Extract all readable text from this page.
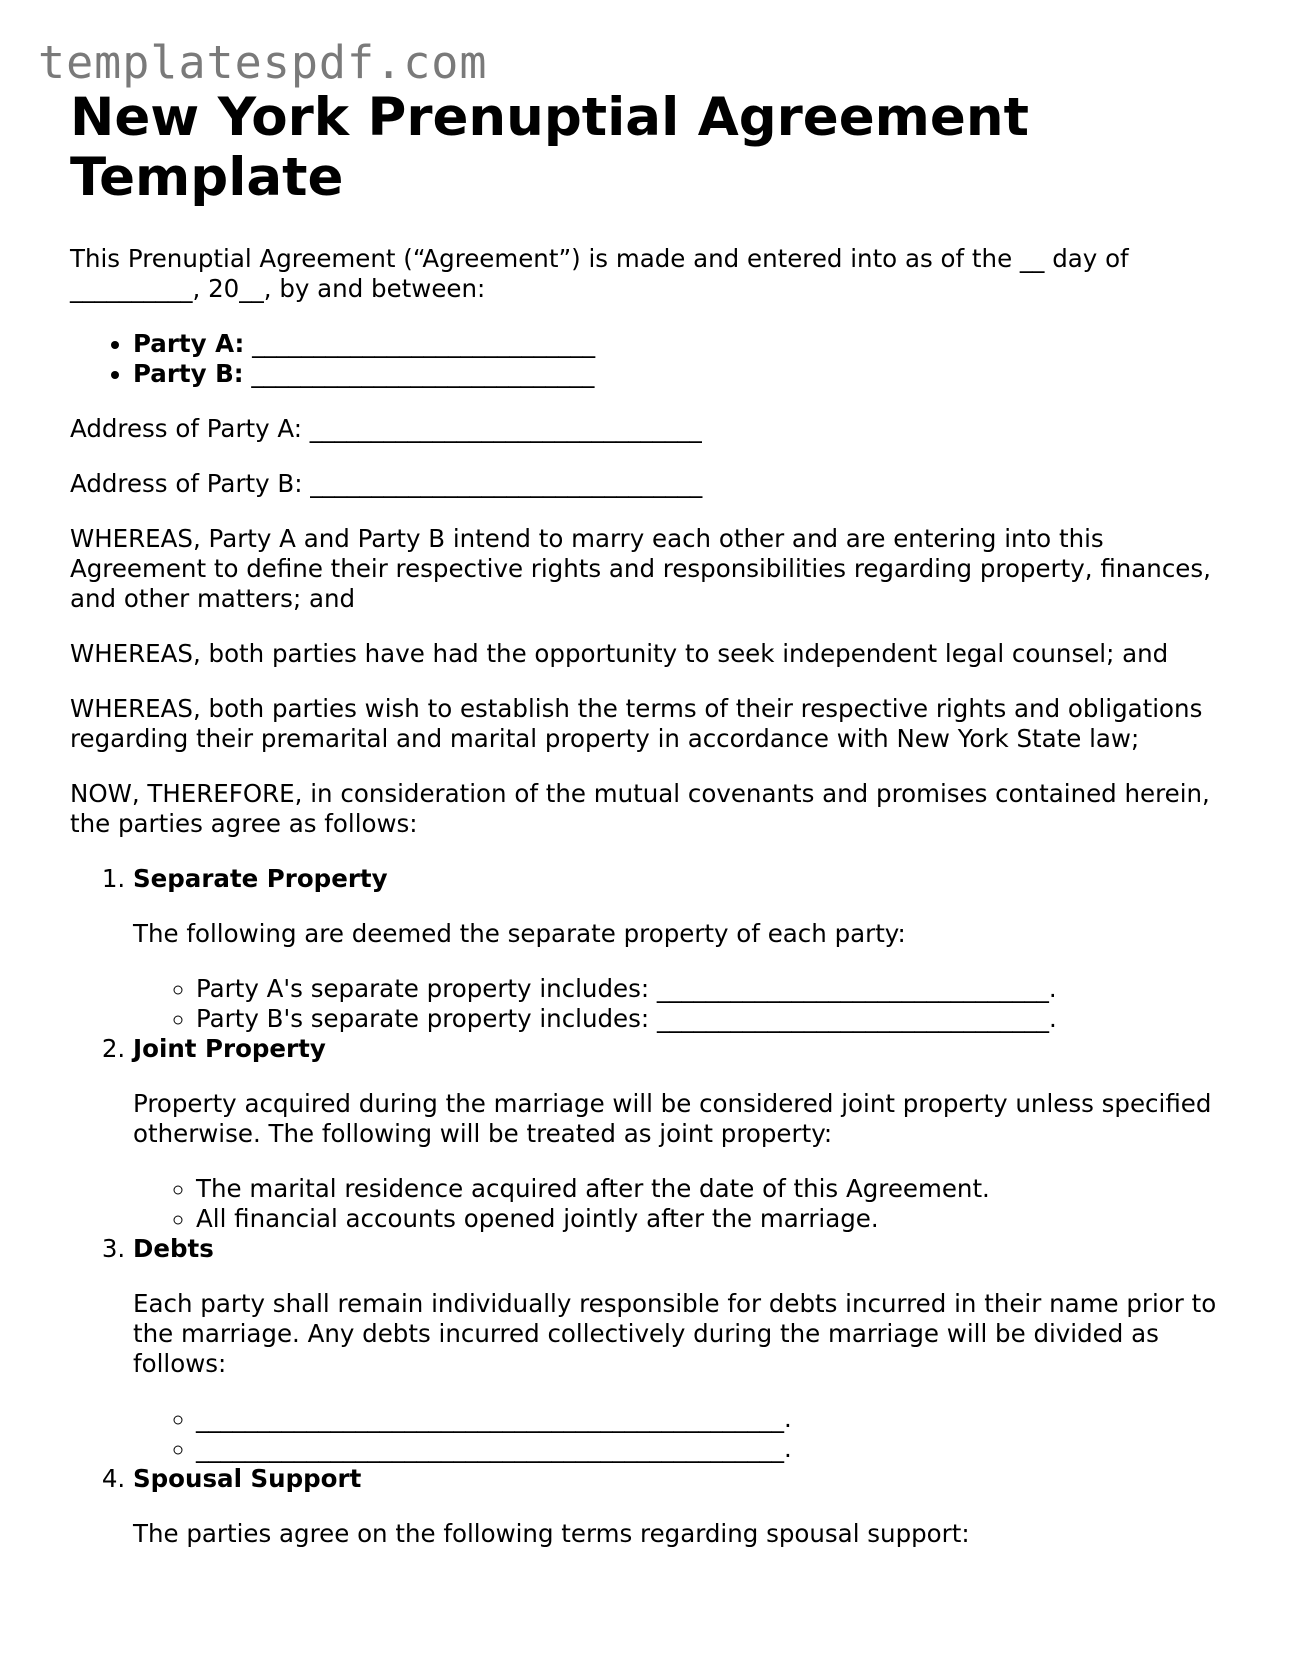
templatespdf.com
New York Prenuptial Agreement Template

This Prenuptial Agreement (“Agreement”) is made and entered into as of the __ day of __________, 20__, by and between:

• Party A: ____________________________
• Party B: ____________________________

Address of Party A: ________________________________

Address of Party B: ________________________________

WHEREAS, Party A and Party B intend to marry each other and are entering into this Agreement to define their respective rights and responsibilities regarding property, finances, and other matters; and

WHEREAS, both parties have had the opportunity to seek independent legal counsel; and

WHEREAS, both parties wish to establish the terms of their respective rights and obligations regarding their premarital and marital property in accordance with New York State law;

NOW, THEREFORE, in consideration of the mutual covenants and promises contained herein, the parties agree as follows:

1. Separate Property
The following are deemed the separate property of each party:
◦ Party A's separate property includes: ________________________________.
◦ Party B's separate property includes: ________________________________.
2. Joint Property
Property acquired during the marriage will be considered joint property unless specified otherwise. The following will be treated as joint property:
◦ The marital residence acquired after the date of this Agreement.
◦ All financial accounts opened jointly after the marriage.
3. Debts
Each party shall remain individually responsible for debts incurred in their name prior to the marriage. Any debts incurred collectively during the marriage will be divided as follows:
◦ ________________________________________________.
◦ ________________________________________________.
4. Spousal Support
The parties agree on the following terms regarding spousal support:
